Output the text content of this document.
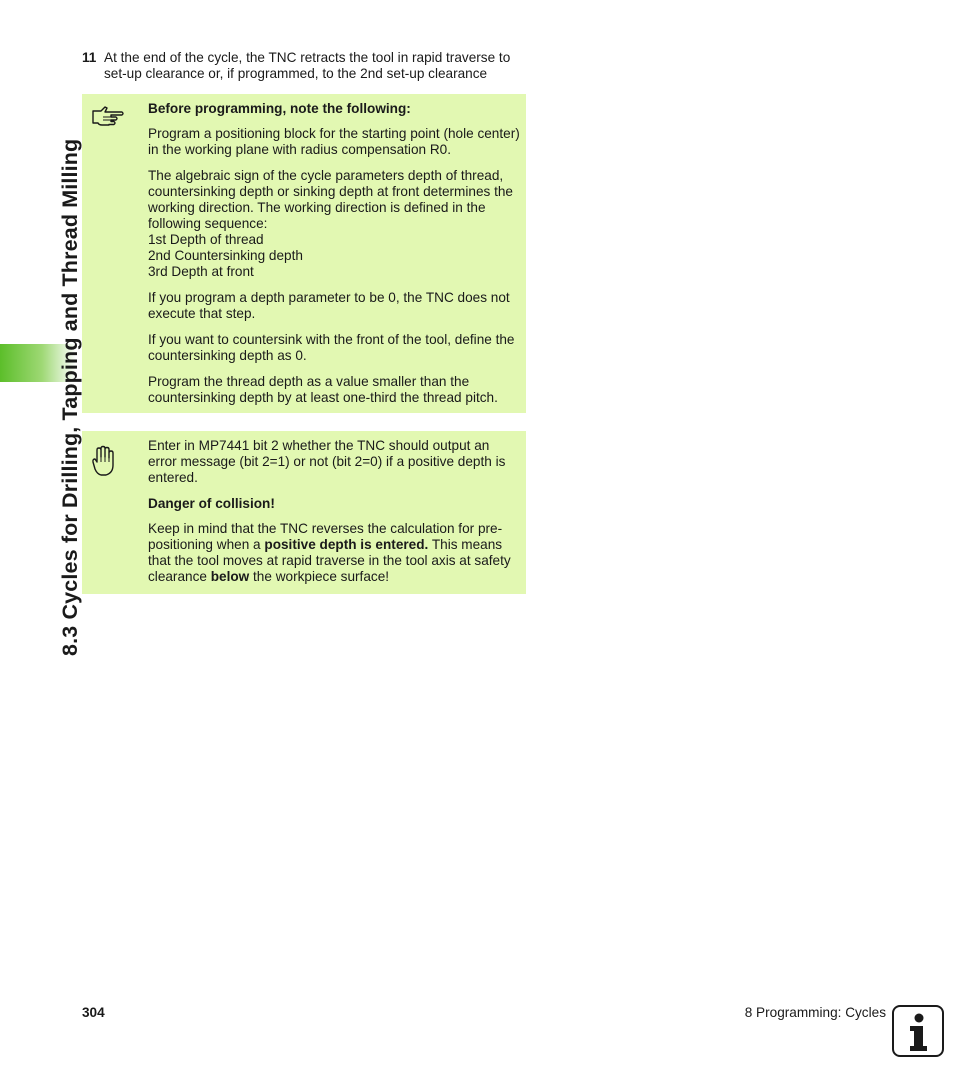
8.3 Cycles for Drilling, Tapping and Thread Milling
11 At the end of the cycle, the TNC retracts the tool in rapid traverse to set-up clearance or, if programmed, to the 2nd set-up clearance

Before programming, note the following:

Program a positioning block for the starting point (hole center) in the working plane with radius compensation R0.

The algebraic sign of the cycle parameters depth of thread, countersinking depth or sinking depth at front determines the working direction. The working direction is defined in the following sequence:
1st Depth of thread
2nd Countersinking depth
3rd Depth at front

If you program a depth parameter to be 0, the TNC does not execute that step.

If you want to countersink with the front of the tool, define the countersinking depth as 0.

Program the thread depth as a value smaller than the countersinking depth by at least one-third the thread pitch.

Enter in MP7441 bit 2 whether the TNC should output an error message (bit 2=1) or not (bit 2=0) if a positive depth is entered.

Danger of collision!

Keep in mind that the TNC reverses the calculation for pre-positioning when a positive depth is entered. This means that the tool moves at rapid traverse in the tool axis at safety clearance below the workpiece surface!

304	8 Programming: Cycles
